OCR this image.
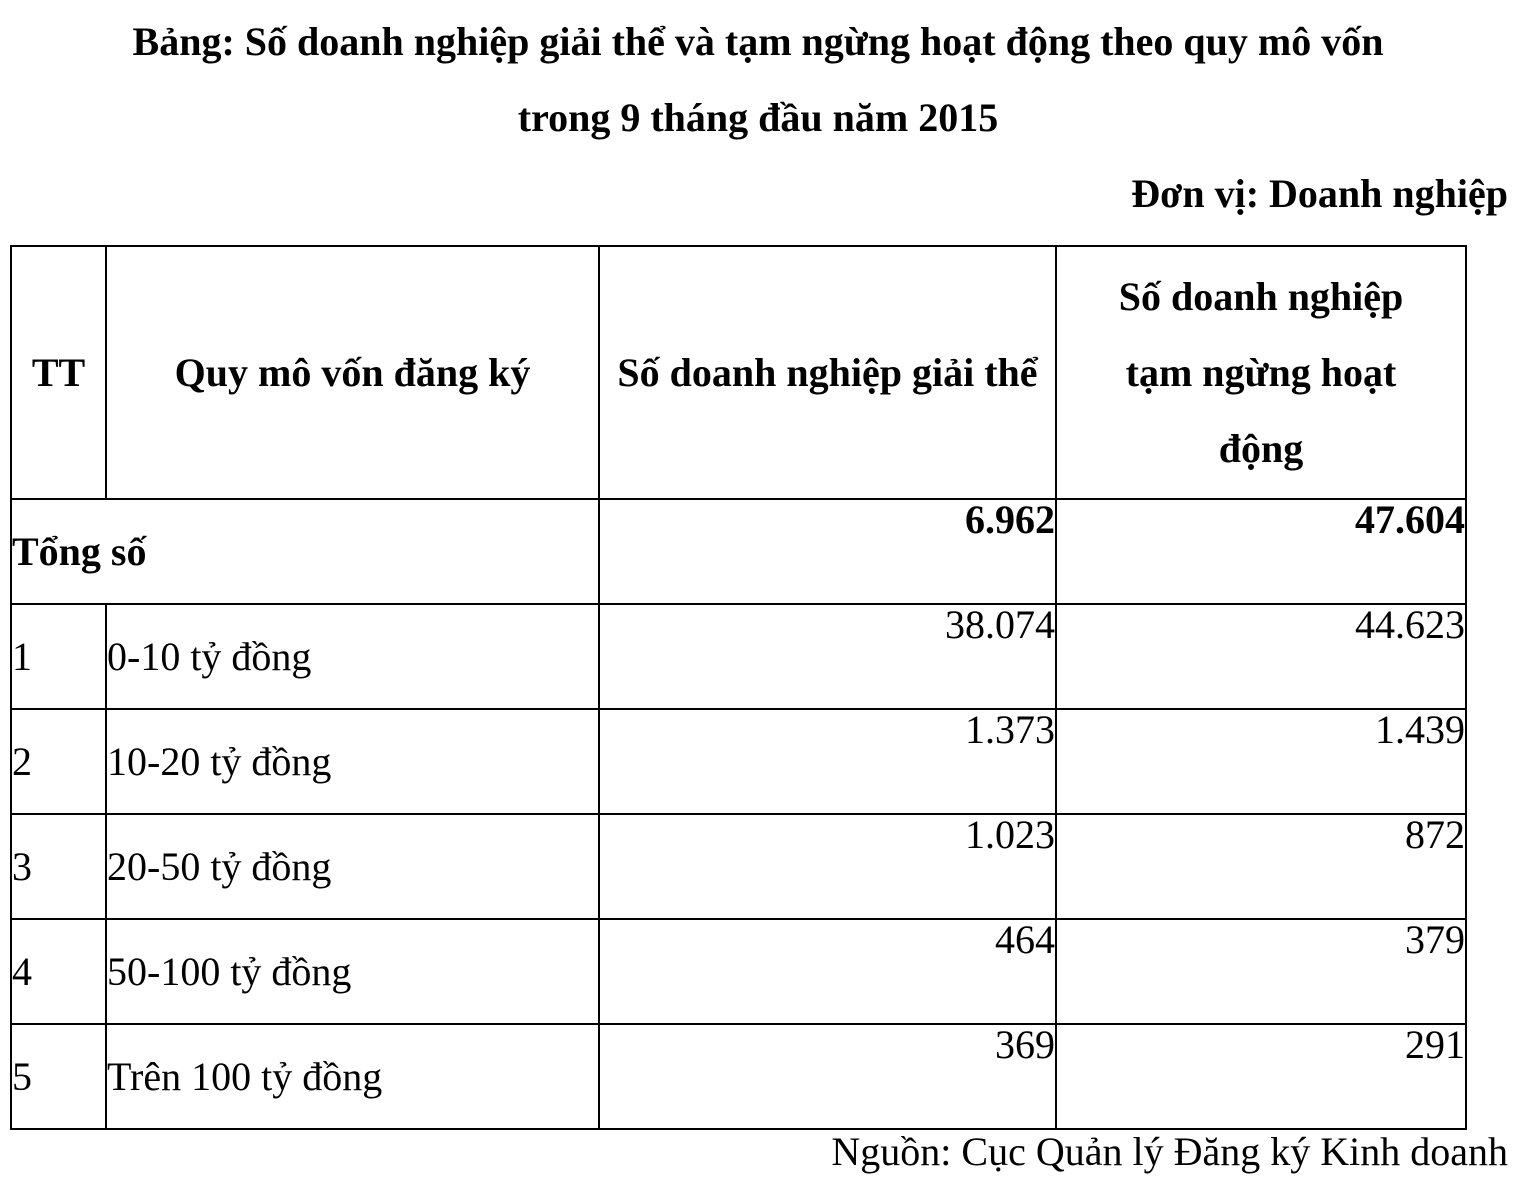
Bảng: Số doanh nghiệp giải thể và tạm ngừng hoạt động theo quy mô vốn
trong 9 tháng đầu năm 2015
Đơn vị: Doanh nghiệp
TT	Quy mô vốn đăng ký	Số doanh nghiệp giải thể	Số doanh nghiệp tạm ngừng hoạt động
Tổng số		6.962	47.604
1	0-10 tỷ đồng	38.074	44.623
2	10-20 tỷ đồng	1.373	1.439
3	20-50 tỷ đồng	1.023	872
4	50-100 tỷ đồng	464	379
5	Trên 100 tỷ đồng	369	291
Nguồn: Cục Quản lý Đăng ký Kinh doanh
